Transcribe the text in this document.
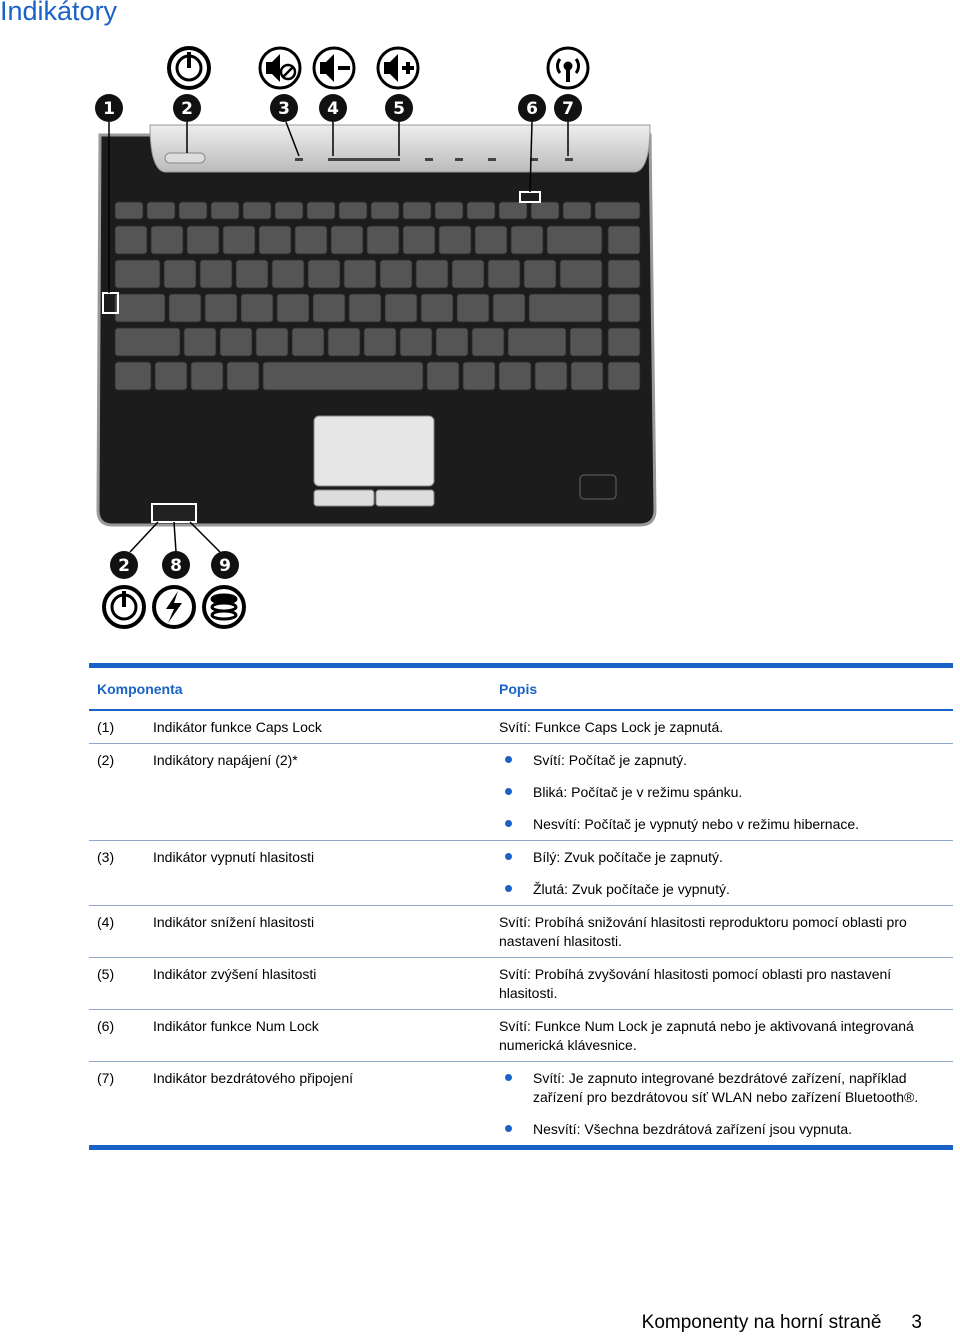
Indikátory
1	2	3 4	5	6 7
2 8 9
Komponenta		Popis
(1)	Indikátor funkce Caps Lock	Svítí: Funkce Caps Lock je zapnutá.
(2)	Indikátory napájení (2)*	Svítí: Počítač je zapnutý.
		Bliká: Počítač je v režimu spánku.
		Nesvítí: Počítač je vypnutý nebo v režimu hibernace.
(3)	Indikátor vypnutí hlasitosti	Bílý: Zvuk počítače je zapnutý.
		Žlutá: Zvuk počítače je vypnutý.
(4)	Indikátor snížení hlasitosti	Svítí: Probíhá snižování hlasitosti reproduktoru pomocí oblasti pro nastavení hlasitosti.
(5)	Indikátor zvýšení hlasitosti	Svítí: Probíhá zvyšování hlasitosti pomocí oblasti pro nastavení hlasitosti.
(6)	Indikátor funkce Num Lock	Svítí: Funkce Num Lock je zapnutá nebo je aktivovaná integrovaná numerická klávesnice.
(7)	Indikátor bezdrátového připojení	Svítí: Je zapnuto integrované bezdrátové zařízení, například zařízení pro bezdrátovou síť WLAN nebo zařízení Bluetooth®.
		Nesvítí: Všechna bezdrátová zařízení jsou vypnuta.
Komponenty na horní straně 3
